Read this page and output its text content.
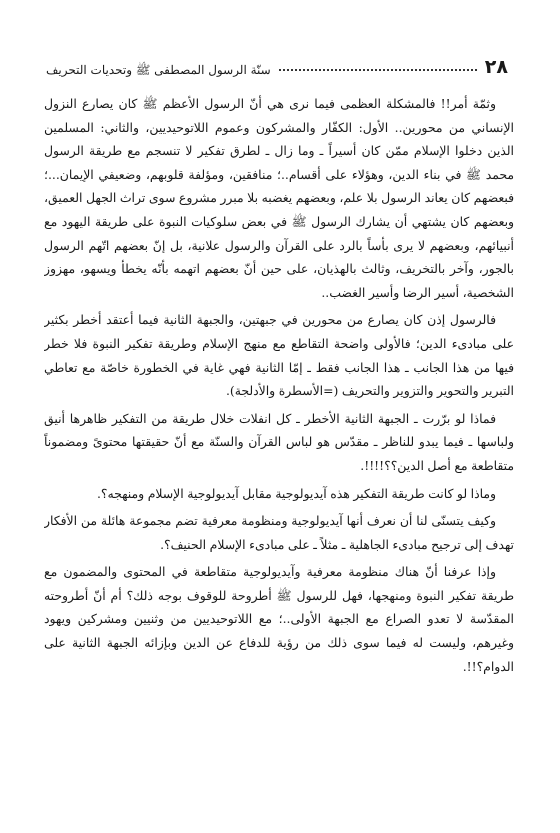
٢٨
سنّة الرسول المصطفى ﷺ وتحديات التحريف

وثمّة أمر!! فالمشكلة العظمى فيما نرى هي أنّ الرسول الأعظم ﷺ كان يصارع النزول الإنساني من محورين.. الأول: الكفّار والمشركون وعموم اللاتوحيديين، والثاني: المسلمين الذين دخلوا الإسلام ممّن كان أسيراً ـ وما زال ـ لطرق تفكير لا تنسجم مع طريقة الرسول محمد ﷺ في بناء الدين، وهؤلاء على أقسام..؛ منافقين، ومؤلفة قلوبهم، وضعيفي الإيمان...؛ فبعضهم كان يعاند الرسول بلا علم، وبعضهم يغضبه بلا مبرر مشروع سوى تراث الجهل العميق، وبعضهم كان يشتهي أن يشارك الرسول ﷺ في بعض سلوكيات النبوة على طريقة اليهود مع أنبيائهم، وبعضهم لا يرى بأساً بالرد على القرآن والرسول علانية، بل إنّ بعضهم اتّهم الرسول بالجور، وآخر بالتخريف، وثالث بالهذيان، على حين أنّ بعضهم اتهمه بأنّه يخطأ ويسهو، مهزوز الشخصية، أسير الرضا وأسير الغضب..

فالرسول إذن كان يصارع من محورين في جبهتين، والجبهة الثانية فيما أعتقد أخطر بكثير على مبادىء الدين؛ فالأولى واضحة التقاطع مع منهج الإسلام وطريقة تفكير النبوة فلا خطر فيها من هذا الجانب ـ هذا الجانب فقط ـ إمّا الثانية فهي غاية في الخطورة خاصّة مع تعاطي التبرير والتحوير والتزوير والتحريف (=الأسطرة والأدلجة).

فماذا لو برّرت ـ الجبهة الثانية الأخطر ـ كل انفلات خلال طريقة من التفكير ظاهرها أنيق ولباسها ـ فيما يبدو للناظر ـ مقدّس هو لباس القرآن والسنّة مع أنّ حقيقتها محتوىً ومضموناً متقاطعة مع أصل الدين؟؟!!!!.

وماذا لو كانت طريقة التفكير هذه آيديولوجية مقابل آيديولوجية الإسلام ومنهجه؟.

وكيف يتسنّى لنا أن نعرف أنها آيديولوجية ومنظومة معرفية تضم مجموعة هائلة من الأفكار تهدف إلى ترجيح مبادىء الجاهلية ـ مثلاً ـ على مبادىء الإسلام الحنيف؟.

وإذا عرفنا أنّ هناك منظومة معرفية وآيديولوجية متقاطعة في المحتوى والمضمون مع طريقة تفكير النبوة ومنهجها، فهل للرسول ﷺ أطروحة للوقوف بوجه ذلك؟ أم أنّ أطروحته المقدّسة لا تعدو الصراع مع الجبهة الأولى..؛ مع اللاتوحيديين من وثنيين ومشركين ويهود وغيرهم، وليست له فيما سوى ذلك من رؤية للدفاع عن الدين وبإزائه الجبهة الثانية على الدوام؟!!.
